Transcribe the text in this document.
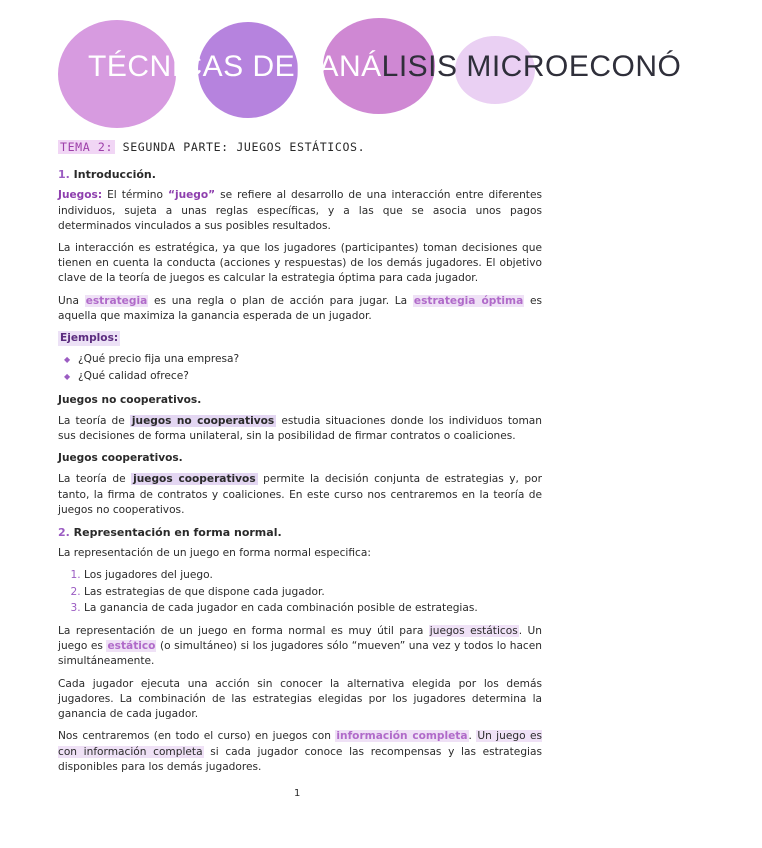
TÉCNICAS DEL ANÁLISIS MICROECONÓMICO
TEMA 2: SEGUNDA PARTE: JUEGOS ESTÁTICOS.
1. Introducción.

Juegos: El término “juego” se refiere al desarrollo de una interacción entre diferentes individuos, sujeta a unas reglas específicas, y a las que se asocia unos pagos determinados vinculados a sus posibles resultados.

La interacción es estratégica, ya que los jugadores (participantes) toman decisiones que tienen en cuenta la conducta (acciones y respuestas) de los demás jugadores. El objetivo clave de la teoría de juegos es calcular la estrategia óptima para cada jugador.

Una estrategia es una regla o plan de acción para jugar. La estrategia óptima es aquella que maximiza la ganancia esperada de un jugador.

Ejemplos:
◆ ¿Qué precio fija una empresa?
◆ ¿Qué calidad ofrece?
Juegos no cooperativos.

La teoría de juegos no cooperativos estudia situaciones donde los individuos toman sus decisiones de forma unilateral, sin la posibilidad de firmar contratos o coaliciones.

Juegos cooperativos.

La teoría de juegos cooperativos permite la decisión conjunta de estrategias y, por tanto, la firma de contratos y coaliciones. En este curso nos centraremos en la teoría de juegos no cooperativos.

2. Representación en forma normal.

La representación de un juego en forma normal especifica:

1. Los jugadores del juego.
2. Las estrategias de que dispone cada jugador.
3. La ganancia de cada jugador en cada combinación posible de estrategias.

La representación de un juego en forma normal es muy útil para juegos estáticos. Un juego es estático (o simultáneo) si los jugadores sólo “mueven” una vez y todos lo hacen simultáneamente.

Cada jugador ejecuta una acción sin conocer la alternativa elegida por los demás jugadores. La combinación de las estrategias elegidas por los jugadores determina la ganancia de cada jugador.

Nos centraremos (en todo el curso) en juegos con información completa. Un juego es con información completa si cada jugador conoce las recompensas y las estrategias disponibles para los demás jugadores.

1
